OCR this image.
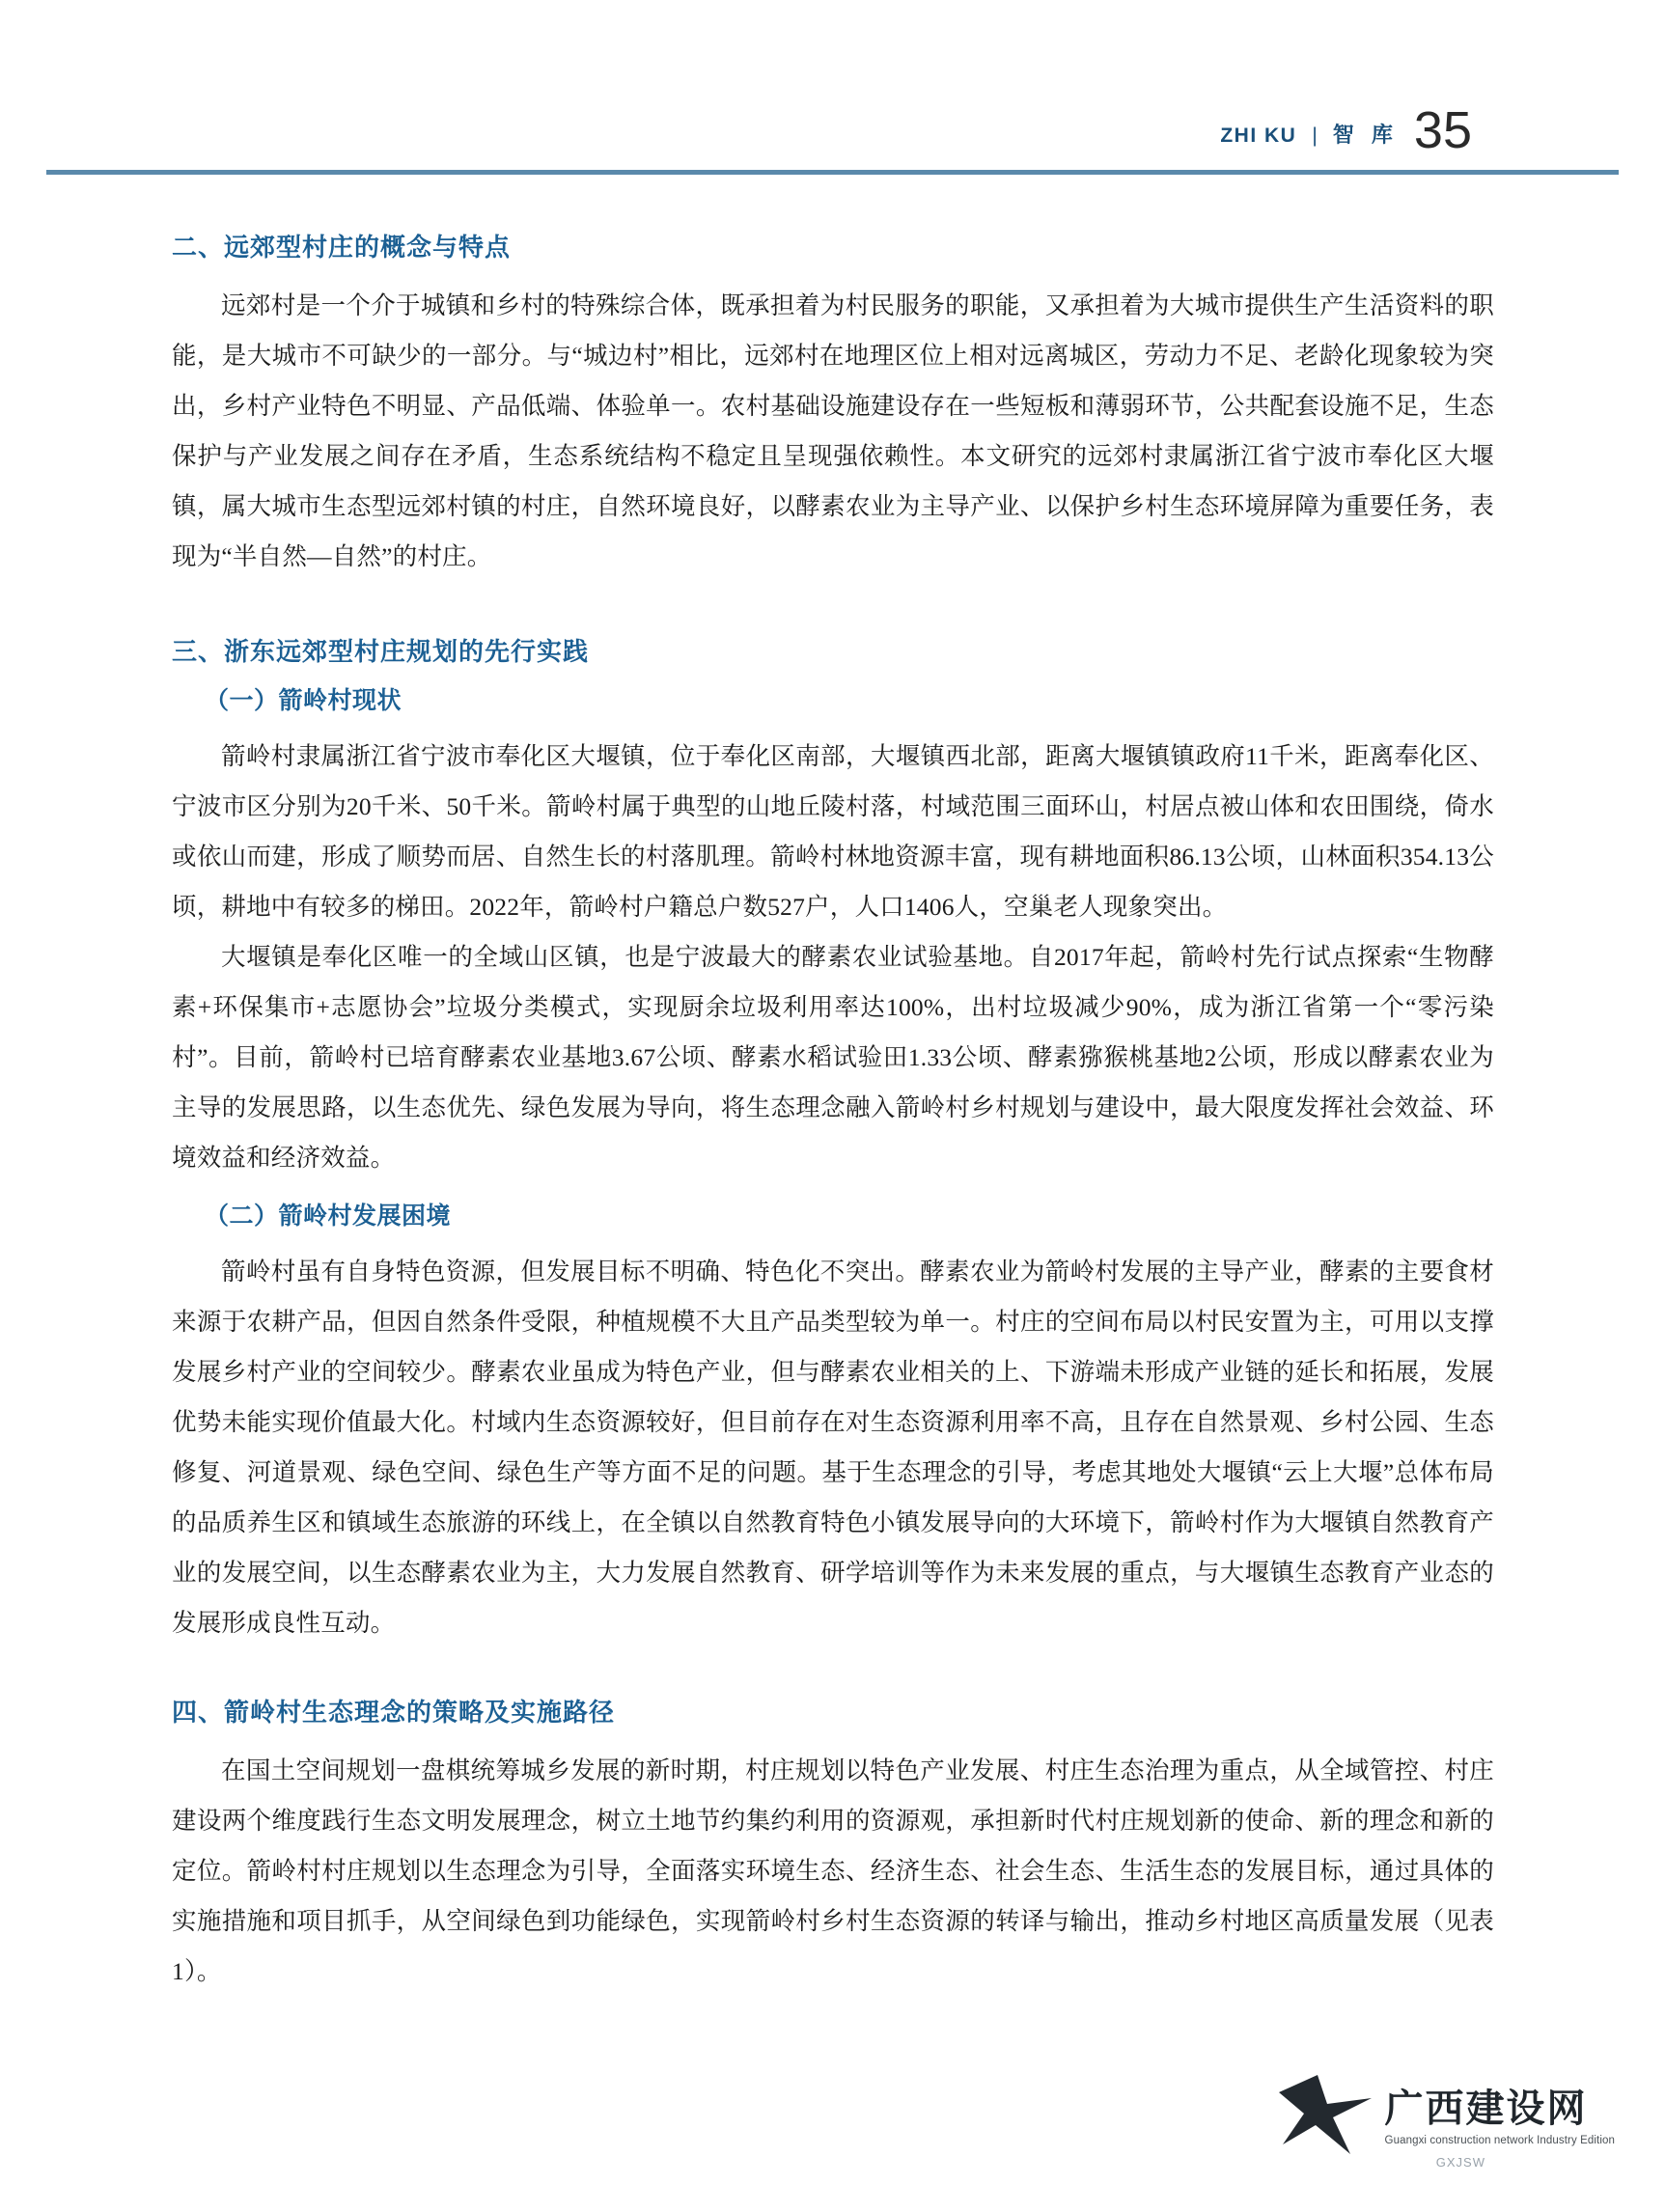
ZHI KU | 智 库 35
二、远郊型村庄的概念与特点

远郊村是一个介于城镇和乡村的特殊综合体，既承担着为村民服务的职能，又承担着为大城市提供生产生活资料的职能，是大城市不可缺少的一部分。与“城边村”相比，远郊村在地理区位上相对远离城区，劳动力不足、老龄化现象较为突出，乡村产业特色不明显、产品低端、体验单一。农村基础设施建设存在一些短板和薄弱环节，公共配套设施不足，生态保护与产业发展之间存在矛盾，生态系统结构不稳定且呈现强依赖性。本文研究的远郊村隶属浙江省宁波市奉化区大堰镇，属大城市生态型远郊村镇的村庄，自然环境良好，以酵素农业为主导产业、以保护乡村生态环境屏障为重要任务，表现为“半自然—自然”的村庄。

三、浙东远郊型村庄规划的先行实践
（一）箭岭村现状

箭岭村隶属浙江省宁波市奉化区大堰镇，位于奉化区南部，大堰镇西北部，距离大堰镇镇政府11千米，距离奉化区、宁波市区分别为20千米、50千米。箭岭村属于典型的山地丘陵村落，村域范围三面环山，村居点被山体和农田围绕，倚水或依山而建，形成了顺势而居、自然生长的村落肌理。箭岭村林地资源丰富，现有耕地面积86.13公顷，山林面积354.13公顷，耕地中有较多的梯田。2022年，箭岭村户籍总户数527户，人口1406人，空巢老人现象突出。

大堰镇是奉化区唯一的全域山区镇，也是宁波最大的酵素农业试验基地。自2017年起，箭岭村先行试点探索“生物酵素+环保集市+志愿协会”垃圾分类模式，实现厨余垃圾利用率达100%，出村垃圾减少90%，成为浙江省第一个“零污染村”。目前，箭岭村已培育酵素农业基地3.67公顷、酵素水稻试验田1.33公顷、酵素猕猴桃基地2公顷，形成以酵素农业为主导的发展思路，以生态优先、绿色发展为导向，将生态理念融入箭岭村乡村规划与建设中，最大限度发挥社会效益、环境效益和经济效益。

（二）箭岭村发展困境

箭岭村虽有自身特色资源，但发展目标不明确、特色化不突出。酵素农业为箭岭村发展的主导产业，酵素的主要食材来源于农耕产品，但因自然条件受限，种植规模不大且产品类型较为单一。村庄的空间布局以村民安置为主，可用以支撑发展乡村产业的空间较少。酵素农业虽成为特色产业，但与酵素农业相关的上、下游端未形成产业链的延长和拓展，发展优势未能实现价值最大化。村域内生态资源较好，但目前存在对生态资源利用率不高，且存在自然景观、乡村公园、生态修复、河道景观、绿色空间、绿色生产等方面不足的问题。基于生态理念的引导，考虑其地处大堰镇“云上大堰”总体布局的品质养生区和镇域生态旅游的环线上，在全镇以自然教育特色小镇发展导向的大环境下，箭岭村作为大堰镇自然教育产业的发展空间，以生态酵素农业为主，大力发展自然教育、研学培训等作为未来发展的重点，与大堰镇生态教育产业态的发展形成良性互动。

四、箭岭村生态理念的策略及实施路径

在国土空间规划一盘棋统筹城乡发展的新时期，村庄规划以特色产业发展、村庄生态治理为重点，从全域管控、村庄建设两个维度践行生态文明发展理念，树立土地节约集约利用的资源观，承担新时代村庄规划新的使命、新的理念和新的定位。箭岭村村庄规划以生态理念为引导，全面落实环境生态、经济生态、社会生态、生活生态的发展目标，通过具体的实施措施和项目抓手，从空间绿色到功能绿色，实现箭岭村乡村生态资源的转译与输出，推动乡村地区高质量发展（见表1）。

GXJSW
广西建设网
Guangxi construction network Industry Edition
